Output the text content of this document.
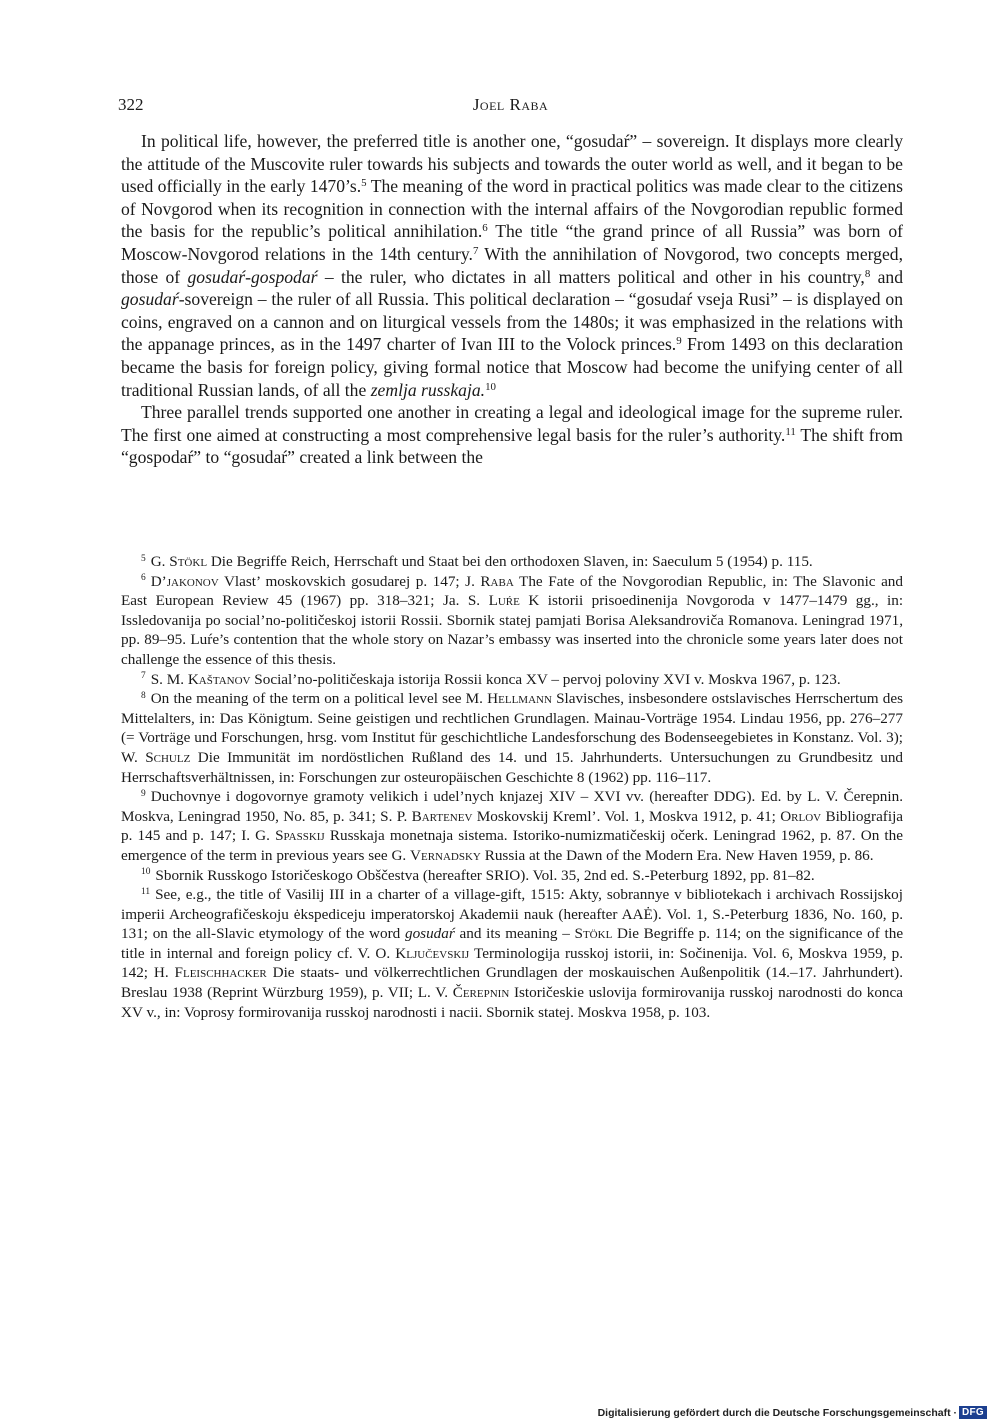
322	Joel Raba

In political life, however, the preferred title is another one, “gosudaŕ” – sovereign. It displays more clearly the attitude of the Muscovite ruler towards his subjects and towards the outer world as well, and it began to be used officially in the early 1470’s.$^5$ The meaning of the word in practical politics was made clear to the citizens of Novgorod when its recognition in connection with the internal affairs of the Novgorodian republic formed the basis for the republic’s political annihilation.$^6$ The title “the grand prince of all Russia” was born of Moscow-Novgorod relations in the 14th century.$^7$ With the annihilation of Novgorod, two concepts merged, those of gosudaŕ-gospodaŕ – the ruler, who dictates in all matters political and other in his country,$^8$ and gosudaŕ-sovereign – the ruler of all Russia. This political declaration – “gosudaŕ vseja Rusi” – is displayed on coins, engraved on a cannon and on liturgical vessels from the 1480s; it was emphasized in the relations with the appanage princes, as in the 1497 charter of Ivan III to the Volock princes.$^9$ From 1493 on this declaration became the basis for foreign policy, giving formal notice that Moscow had become the unifying center of all traditional Russian lands, of all the zemlja russkaja.$^{10}$

Three parallel trends supported one another in creating a legal and ideological image for the supreme ruler. The first one aimed at constructing a most comprehensive legal basis for the ruler’s authority.$^{11}$ The shift from “gospodaŕ” to “gosudaŕ” created a link between the

$^5$ G. Stökl Die Begriffe Reich, Herrschaft und Staat bei den orthodoxen Slaven, in: Saeculum 5 (1954) p. 115.

$^6$ D’jakonov Vlast’ moskovskich gosudarej p. 147; J. Raba The Fate of the Novgorodian Republic, in: The Slavonic and East European Review 45 (1967) pp. 318–321; Ja. S. Luŕe K istorii prisoedinenija Novgoroda v 1477–1479 gg., in: Issledovanija po social’no-političeskoj istorii Rossii. Sbornik statej pamjati Borisa Aleksandroviča Romanova. Leningrad 1971, pp. 89–95. Luŕe’s contention that the whole story on Nazar’s embassy was inserted into the chronicle some years later does not challenge the essence of this thesis.

$^7$ S. M. Kaštanov Social’no-političeskaja istorija Rossii konca XV – pervoj poloviny XVI v. Moskva 1967, p. 123.

$^8$ On the meaning of the term on a political level see M. Hellmann Slavisches, insbesondere ostslavisches Herrschertum des Mittelalters, in: Das Königtum. Seine geistigen und rechtlichen Grundlagen. Mainau-Vorträge 1954. Lindau 1956, pp. 276–277 (= Vorträge und Forschungen, hrsg. vom Institut für geschichtliche Landesforschung des Bodenseegebietes in Konstanz. Vol. 3); W. Schulz Die Immunität im nordöstlichen Rußland des 14. und 15. Jahrhunderts. Untersuchungen zu Grundbesitz und Herrschaftsverhältnissen, in: Forschungen zur osteuropäischen Geschichte 8 (1962) pp. 116–117.

$^9$ Duchovnye i dogovornye gramoty velikich i udel’nych knjazej XIV – XVI vv. (hereafter DDG). Ed. by L. V. Čerepnin. Moskva, Leningrad 1950, No. 85, p. 341; S. P. Bartenev Moskovskij Kreml’. Vol. 1, Moskva 1912, p. 41; Orlov Bibliografija p. 145 and p. 147; I. G. Spasskij Russkaja monetnaja sistema. Istoriko-numizmatičeskij očerk. Leningrad 1962, p. 87. On the emergence of the term in previous years see G. Vernadsky Russia at the Dawn of the Modern Era. New Haven 1959, p. 86.

$^{10}$ Sbornik Russkogo Istoričeskogo Obščestva (hereafter SRIO). Vol. 35, 2nd ed. S.-Peterburg 1892, pp. 81–82.

$^{11}$ See, e.g., the title of Vasilij III in a charter of a village-gift, 1515: Akty, sobrannye v bibliotekach i archivach Rossijskoj imperii Archeografičeskoju ėkspediceju imperatorskoj Akademii nauk (hereafter AAĖ). Vol. 1, S.-Peterburg 1836, No. 160, p. 131; on the all-Slavic etymology of the word gosudaŕ and its meaning – Stökl Die Begriffe p. 114; on the significance of the title in internal and foreign policy cf. V. O. Ključevskij Terminologija russkoj istorii, in: Sočinenija. Vol. 6, Moskva 1959, p. 142; H. Fleischhacker Die staats- und völkerrechtlichen Grundlagen der moskauischen Außenpolitik (14.–17. Jahrhundert). Breslau 1938 (Reprint Würzburg 1959), p. VII; L. V. Čerepnin Istoričeskie uslovija formirovanija russkoj narodnosti do konca XV v., in: Voprosy formirovanija russkoj narodnosti i nacii. Sbornik statej. Moskva 1958, p. 103.

Digitalisierung gefördert durch die Deutsche Forschungsgemeinschaft · DFG
